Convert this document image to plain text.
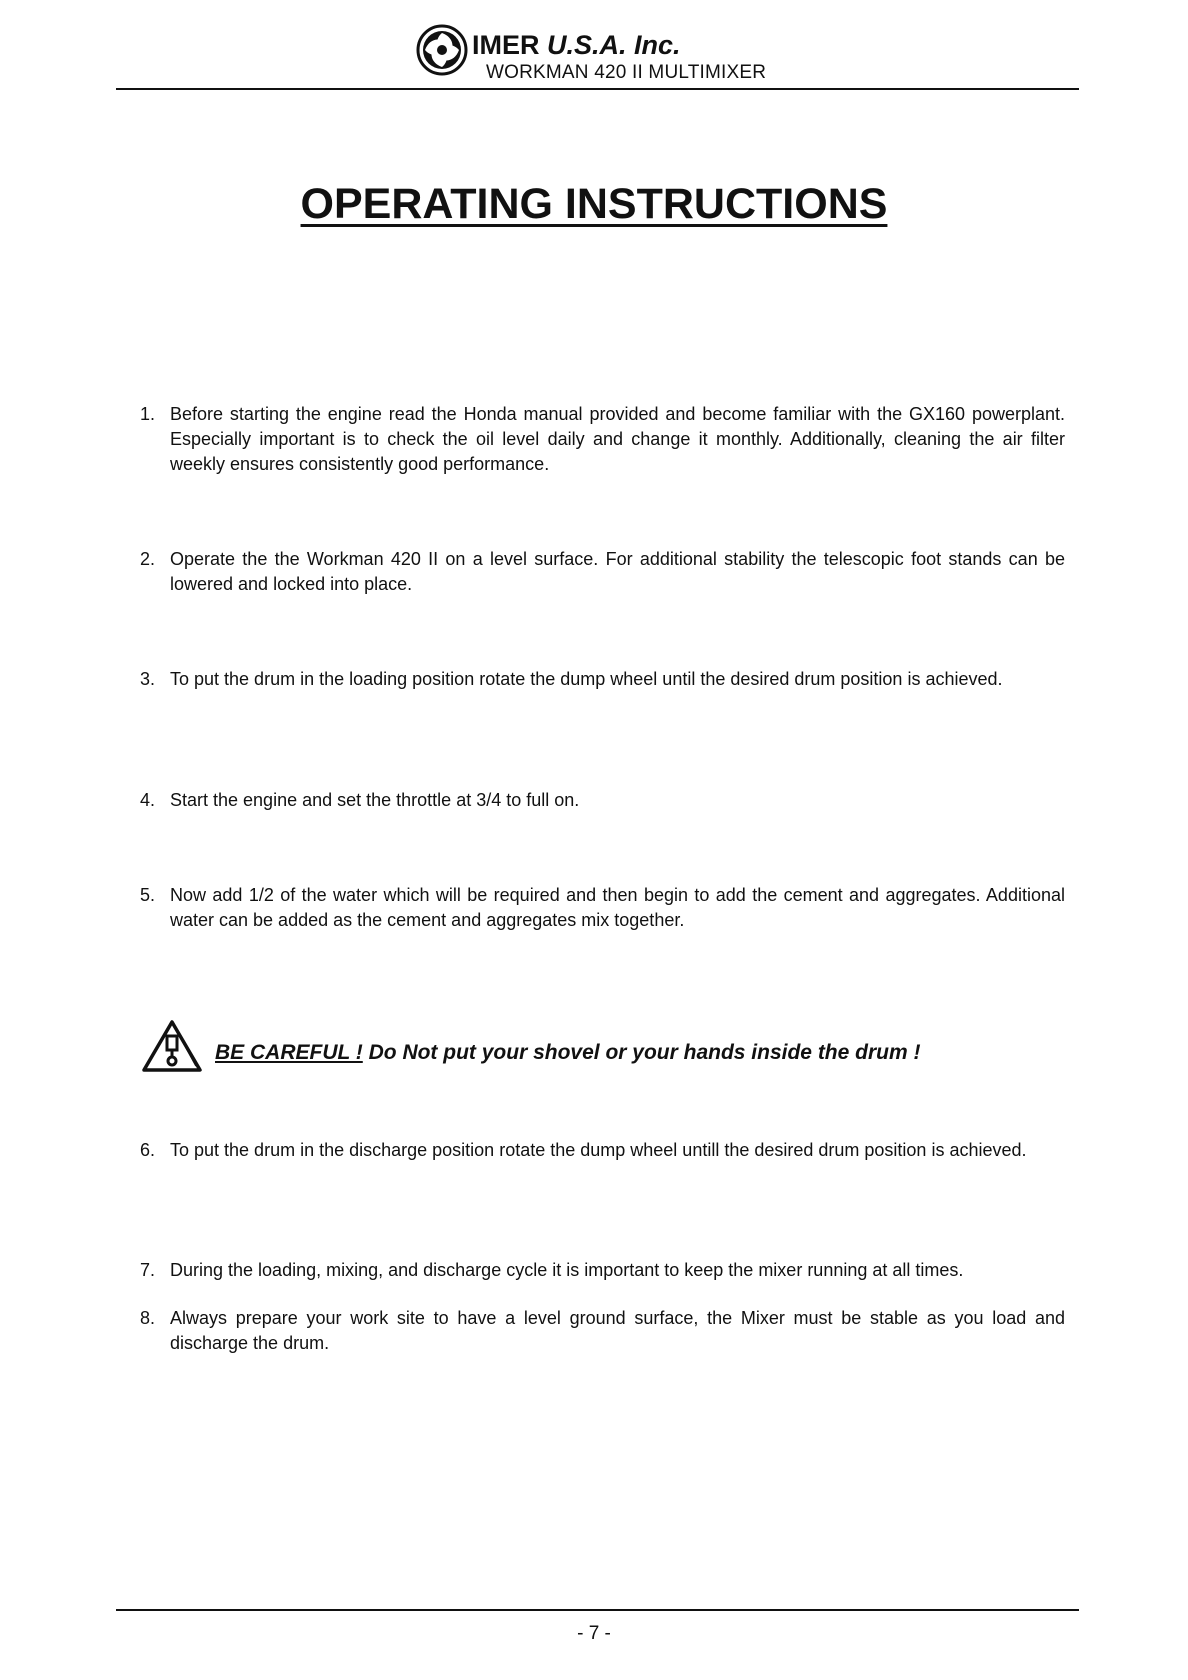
IMER U.S.A. Inc.
WORKMAN 420 II MULTIMIXER
OPERATING INSTRUCTIONS
1. Before starting the engine read the Honda manual provided and become familiar with the GX160 powerplant. Especially important is to check the oil level daily and change it monthly. Additionally, cleaning the air filter weekly ensures consistently good performance.
2. Operate the the Workman 420 II on a level surface. For additional stability the telescopic foot stands can be lowered and locked into place.
3. To put the drum in the loading position rotate the dump wheel until the desired drum position is achieved.
4. Start the engine and set the throttle at 3/4 to full on.
5. Now add 1/2 of the water which will be required and then begin to add the cement and aggregates. Additional water can be added as the cement and aggregates mix together.
BE CAREFUL ! Do Not put your shovel or your hands inside the drum !
6. To put the drum in the discharge position rotate the dump wheel untill the desired drum position is achieved.
7. During the loading, mixing, and discharge cycle it is important to keep the mixer running at all times.
8. Always prepare your work site to have a level ground surface, the Mixer must be stable as you load and discharge the drum.
- 7 -
